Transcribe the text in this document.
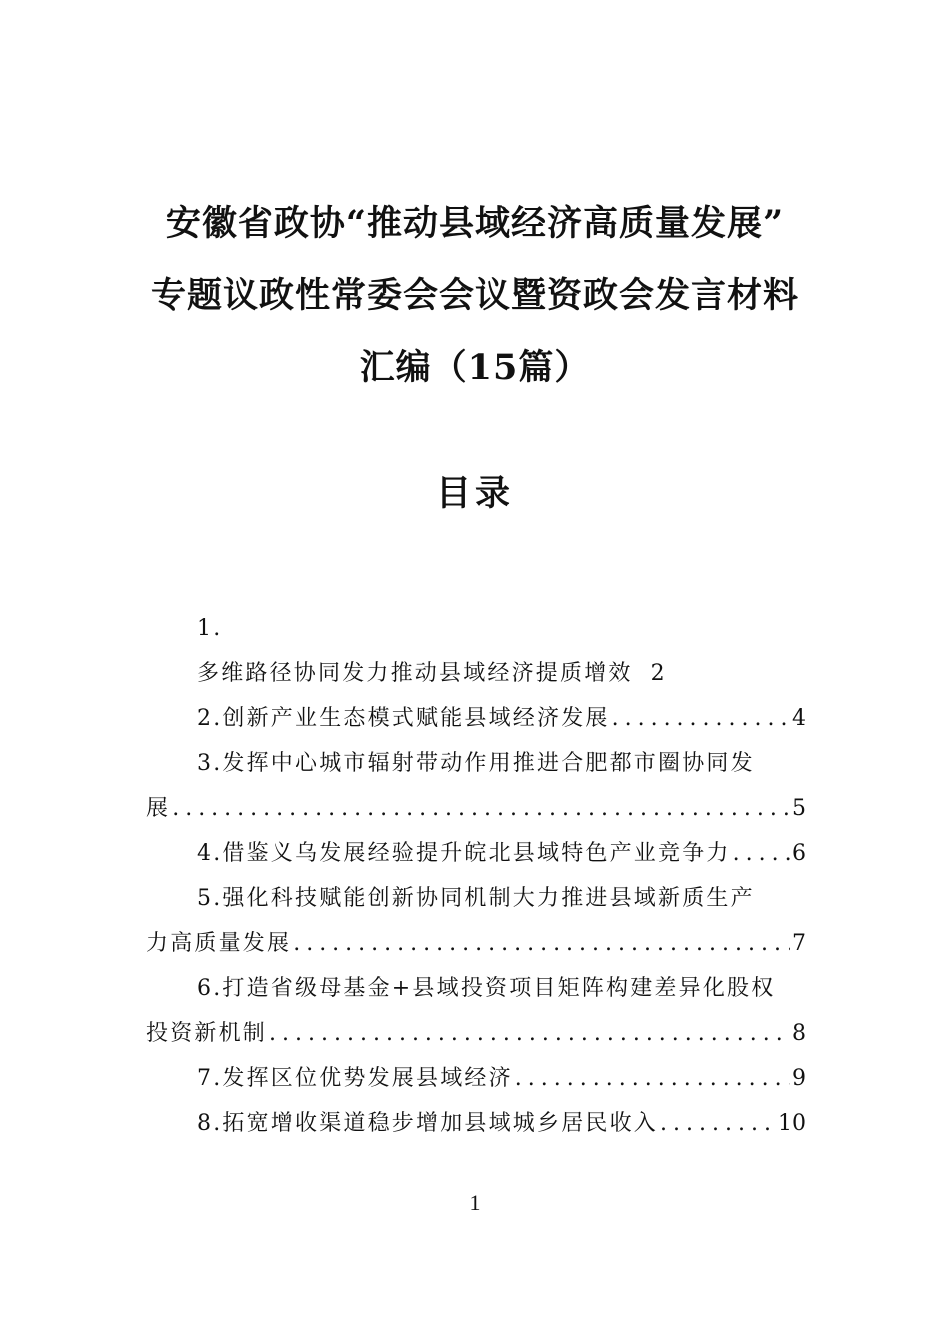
安徽省政协“推动县域经济高质量发展”
专题议政性常委会会议暨资政会发言材料
汇编（15篇）
目录
1.
多维路径协同发力推动县域经济提质增效 2
2. 创新产业生态模式赋能县域经济发展 .....	4
3. 发挥中心城市辐射带动作用推进合肥都市圈协同发
展 .....	5
4. 借鉴义乌发展经验提升皖北县域特色产业竞争力 .....	6
5. 强化科技赋能创新协同机制大力推进县域新质生产
力高质量发展 .....	7
6. 打造省级母基金+县域投资项目矩阵构建差异化股权
投资新机制 .....	8
7. 发挥区位优势发展县域经济 .....	9
8. 拓宽增收渠道稳步增加县域城乡居民收入 .....	10
1
